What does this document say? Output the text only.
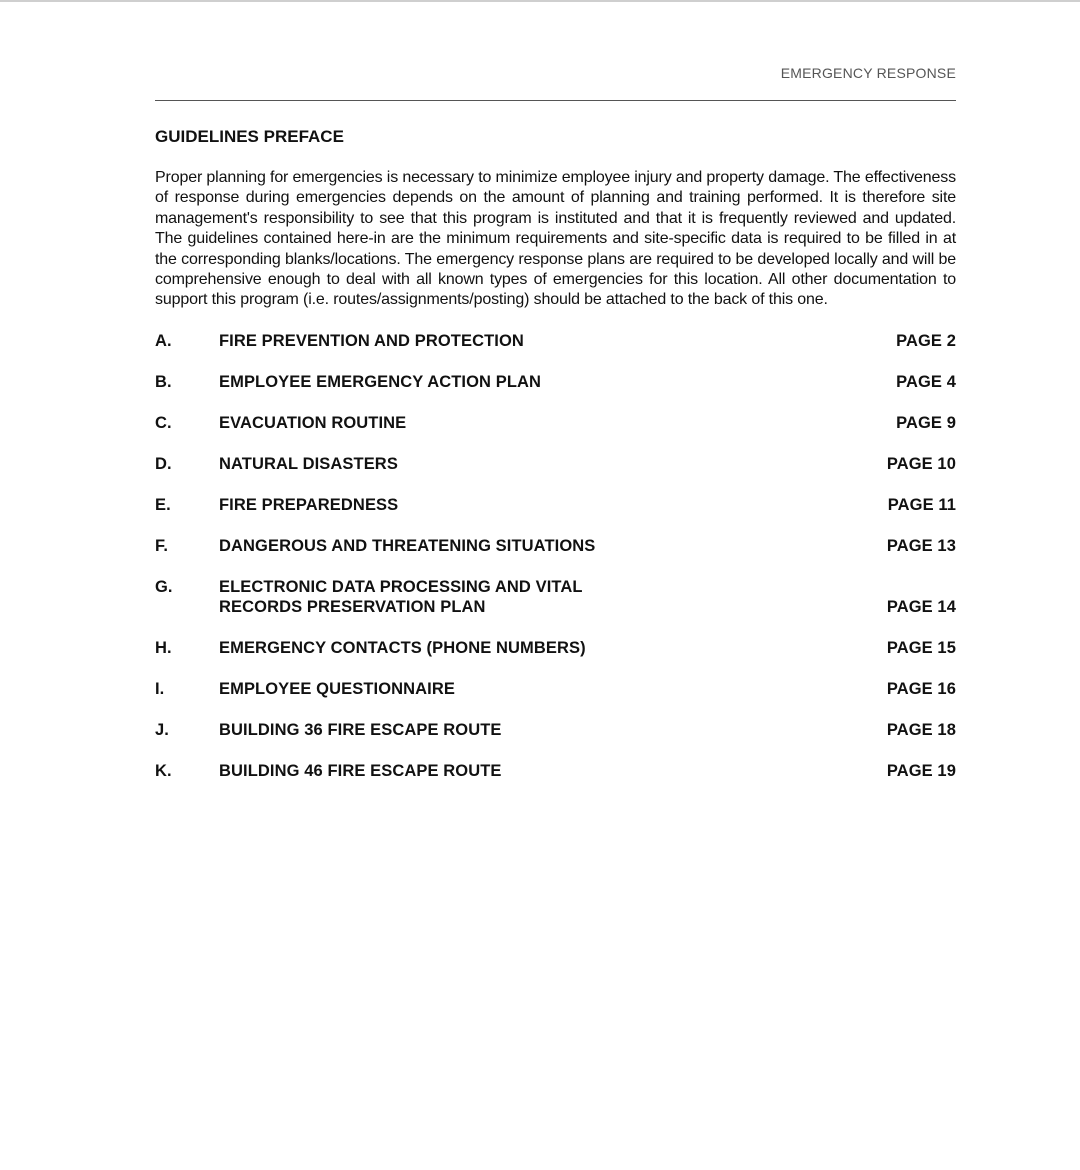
EMERGENCY RESPONSE
GUIDELINES PREFACE
Proper planning for emergencies is necessary to minimize employee injury and property damage. The effectiveness of response during emergencies depends on the amount of planning and training performed. It is therefore site management's responsibility to see that this program is instituted and that it is frequently reviewed and updated. The guidelines contained here-in are the minimum requirements and site-specific data is required to be filled in at the corresponding blanks/locations. The emergency response plans are required to be developed locally and will be comprehensive enough to deal with all known types of emergencies for this location. All other documentation to support this program (i.e. routes/assignments/posting) should be attached to the back of this one.
A.	FIRE PREVENTION AND PROTECTION	PAGE 2
B.	EMPLOYEE EMERGENCY ACTION PLAN	PAGE 4
C.	EVACUATION ROUTINE	PAGE 9
D.	NATURAL DISASTERS	PAGE 10
E.	FIRE PREPAREDNESS	PAGE 11
F.	DANGEROUS AND THREATENING SITUATIONS	PAGE 13
G.	ELECTRONIC DATA PROCESSING AND VITAL
RECORDS PRESERVATION PLAN	PAGE 14
H.	EMERGENCY CONTACTS (PHONE NUMBERS)	PAGE 15
I.	EMPLOYEE QUESTIONNAIRE	PAGE 16
J.	BUILDING 36 FIRE ESCAPE ROUTE	PAGE 18
K.	BUILDING 46 FIRE ESCAPE ROUTE	PAGE 19
